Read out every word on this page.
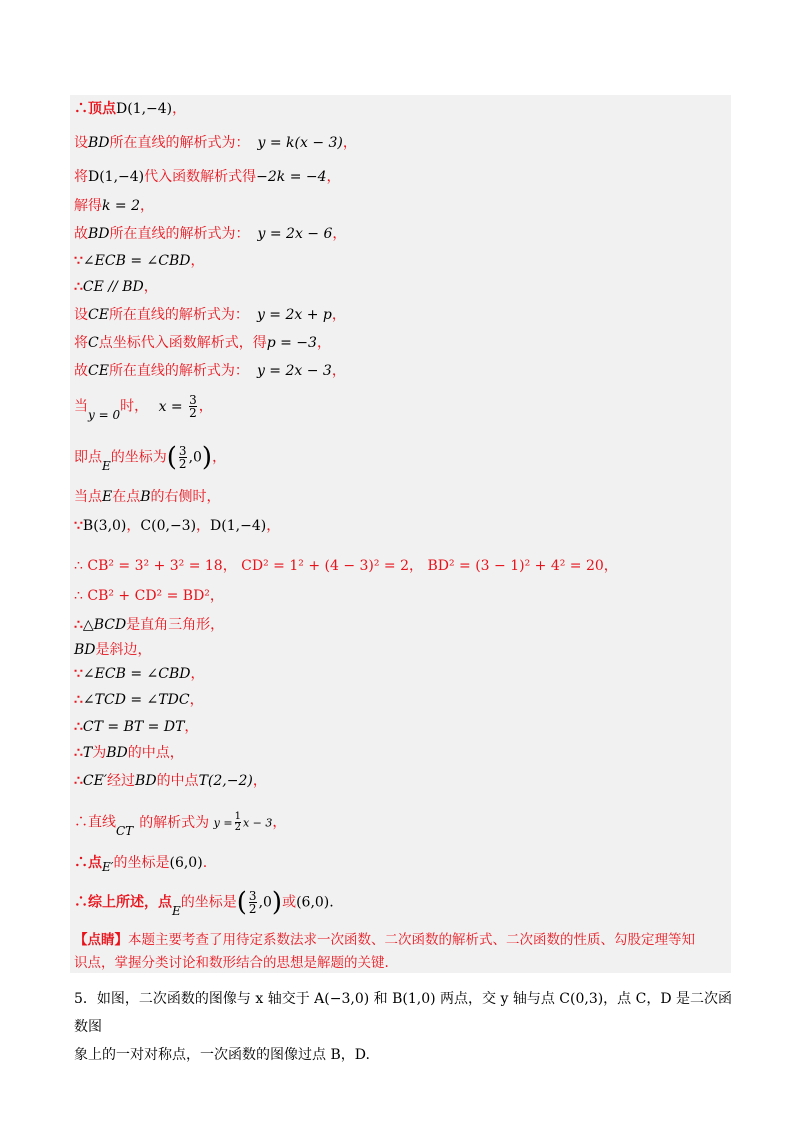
∴顶点D(1,−4)，
设BD所在直线的解析式为： y = k(x − 3)，
将D(1,−4)代入函数解析式得−2k = −4，
解得k = 2，
故BD所在直线的解析式为： y = 2x − 6，
∵∠ECB = ∠CBD，
∴CE // BD，
设CE所在直线的解析式为： y = 2x + p，
将C点坐标代入函数解析式，得p = −3，
故CE所在直线的解析式为： y = 2x − 3，
当y = 0时， $x = \frac{3}{2}$ ，
即点E的坐标为( $\frac{3}{2} ,0$)，
当点E在点B的右侧时，
∵B(3,0)，C(0,−3)，D(1,−4)，
∴ CB² = 3² + 3² = 18， CD² = 1² + (4 − 3)² = 2， BD² = (3 − 1)² + 4² = 20，
∴ CB² + CD² = BD²，
∴△BCD是直角三角形，
BD是斜边，
∵∠ECB = ∠CBD，
∴∠TCD = ∠TDC，
∴CT = BT = DT，
∴T为BD的中点，
∴CE′经过BD的中点T(2,−2)，
∴直线CT 的解析式为 $y = \frac{1}{2}$ x − 3，
∴点E′的坐标是(6,0).
∴综上所述，点E的坐标是( $\frac{3}{2} ,0$)或(6,0).
【点睛】本题主要考查了用待定系数法求一次函数、二次函数的解析式、二次函数的性质、勾股定理等知
识点，掌握分类讨论和数形结合的思想是解题的关键.
5．如图，二次函数的图像与 x 轴交于 A(−3,0) 和 B(1,0) 两点，交 y 轴与点 C(0,3)，点 C，D 是二次函数图
象上的一对对称点，一次函数的图像过点 B，D.
